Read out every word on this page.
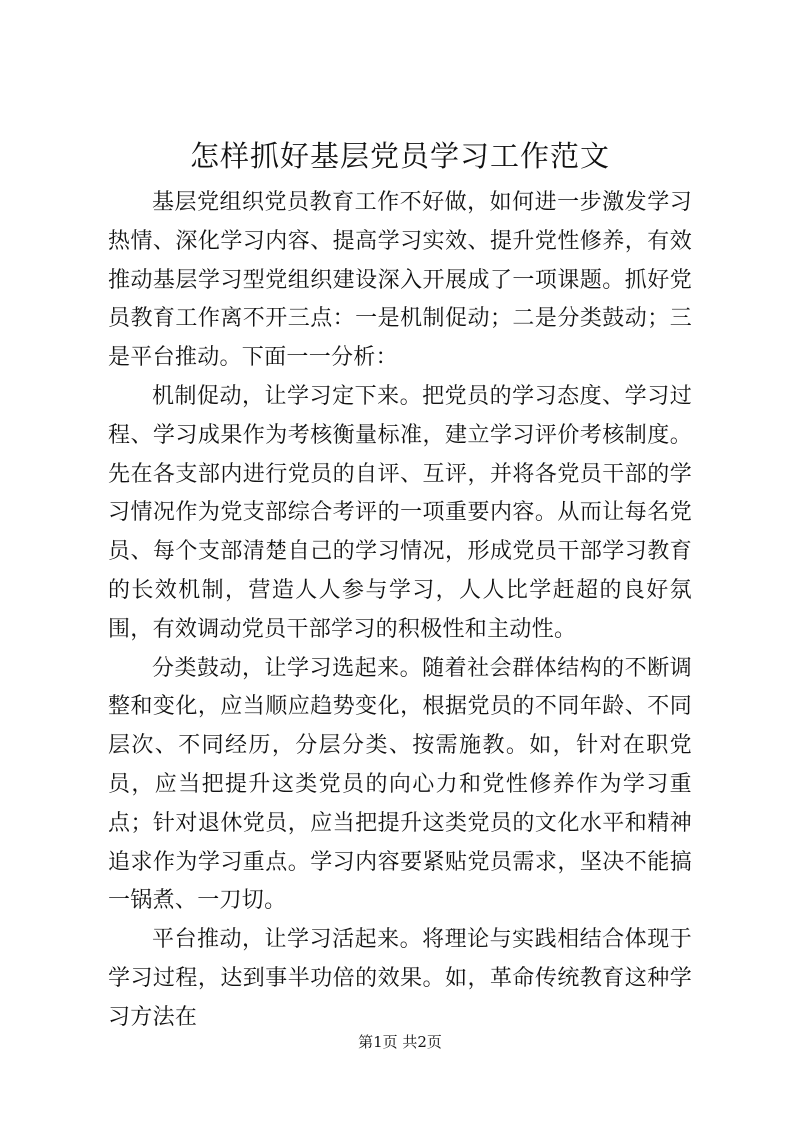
怎样抓好基层党员学习工作范文

基层党组织党员教育工作不好做，如何进一步激发学习热情、深化学习内容、提高学习实效、提升党性修养，有效推动基层学习型党组织建设深入开展成了一项课题。抓好党员教育工作离不开三点：一是机制促动；二是分类鼓动；三是平台推动。下面一一分析：

机制促动，让学习定下来。把党员的学习态度、学习过程、学习成果作为考核衡量标准，建立学习评价考核制度。先在各支部内进行党员的自评、互评，并将各党员干部的学习情况作为党支部综合考评的一项重要内容。从而让每名党员、每个支部清楚自己的学习情况，形成党员干部学习教育的长效机制，营造人人参与学习，人人比学赶超的良好氛围，有效调动党员干部学习的积极性和主动性。

分类鼓动，让学习选起来。随着社会群体结构的不断调整和变化，应当顺应趋势变化，根据党员的不同年龄、不同层次、不同经历，分层分类、按需施教。如，针对在职党员，应当把提升这类党员的向心力和党性修养作为学习重点；针对退休党员，应当把提升这类党员的文化水平和精神追求作为学习重点。学习内容要紧贴党员需求，坚决不能搞一锅煮、一刀切。

平台推动，让学习活起来。将理论与实践相结合体现于学习过程，达到事半功倍的效果。如，革命传统教育这种学习方法在

第1页 共2页
